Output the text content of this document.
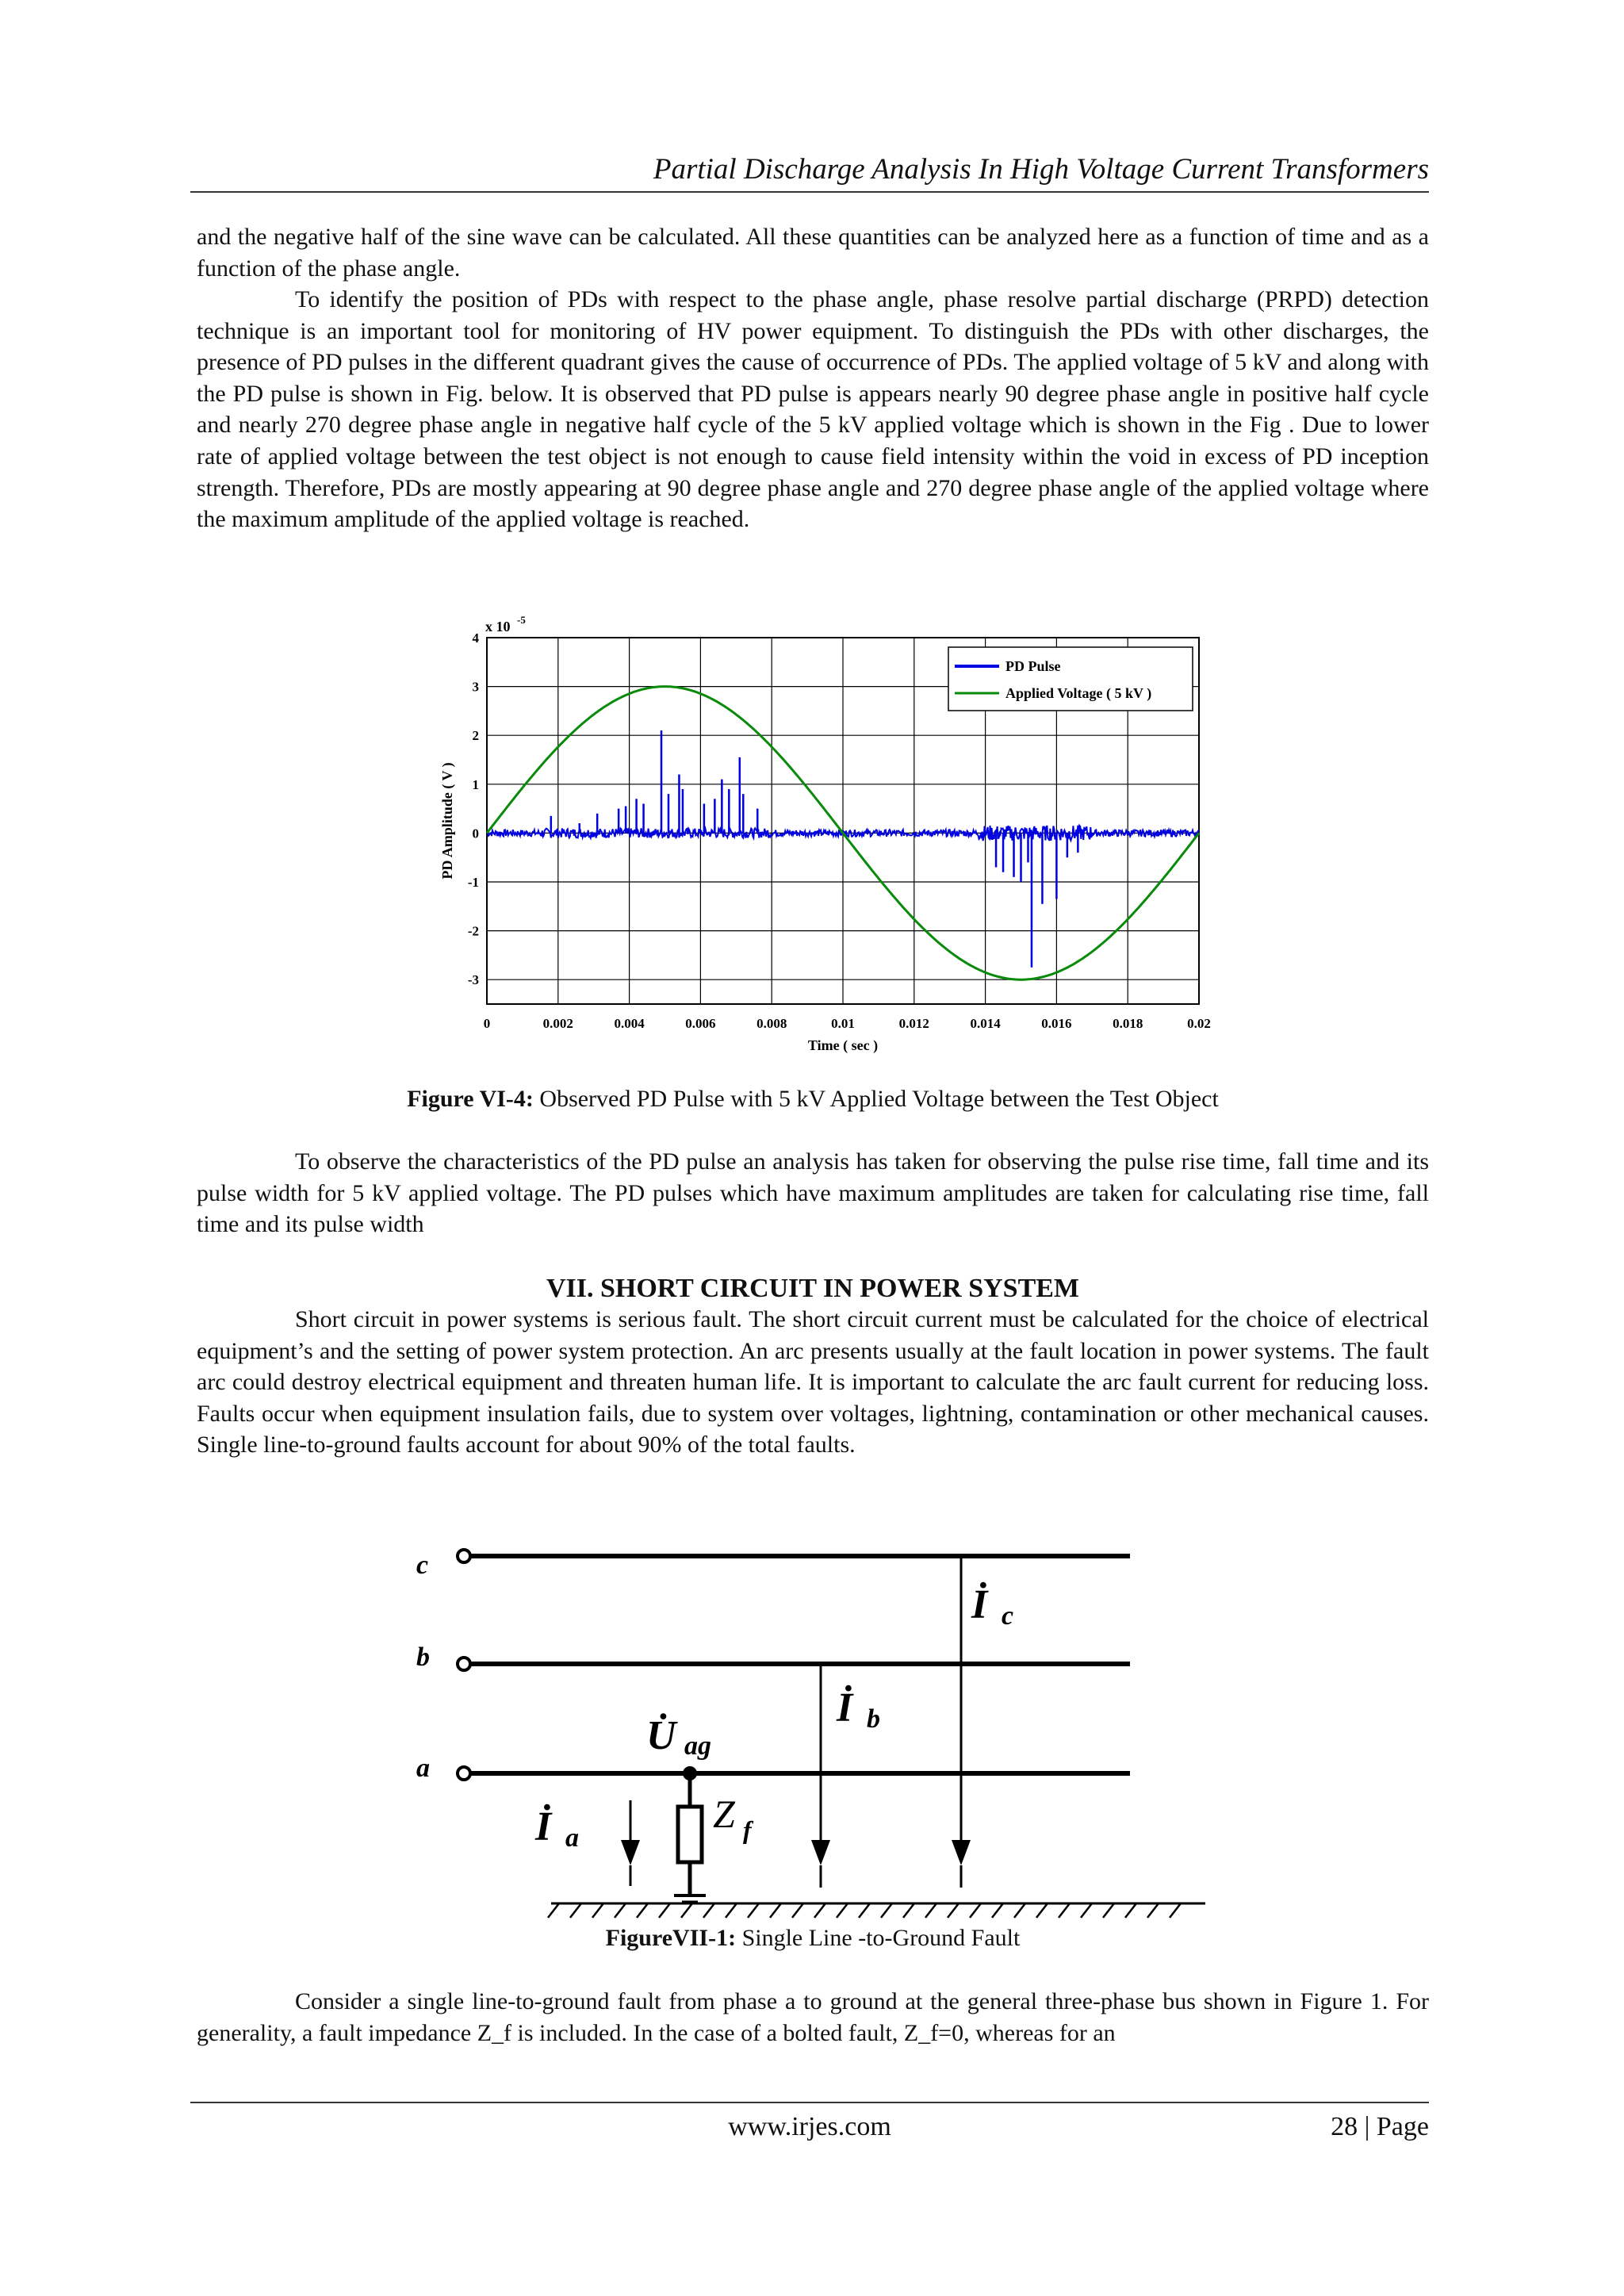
Partial Discharge Analysis In High Voltage Current Transformers

and the negative half of the sine wave can be calculated. All these quantities can be analyzed here as a function of time and as a function of the phase angle.

To identify the position of PDs with respect to the phase angle, phase resolve partial discharge (PRPD) detection technique is an important tool for monitoring of HV power equipment. To distinguish the PDs with other discharges, the presence of PD pulses in the different quadrant gives the cause of occurrence of PDs. The applied voltage of 5 kV and along with the PD pulse is shown in Fig. below. It is observed that PD pulse is appears nearly 90 degree phase angle in positive half cycle and nearly 270 degree phase angle in negative half cycle of the 5 kV applied voltage which is shown in the Fig . Due to lower rate of applied voltage between the test object is not enough to cause field intensity within the void in excess of PD inception strength. Therefore, PDs are mostly appearing at 90 degree phase angle and 270 degree phase angle of the applied voltage where the maximum amplitude of the applied voltage is reached.

0	0.002	0.004	0.006	0.008	0.01	0.012	0.014	0.016	0.018	0.02
4
3
2
1
0
-1
-2
-3
x 10 -5
Time ( sec )
PD Amplitude ( V )
PD Pulse
Applied Voltage ( 5 kV )
Figure VI-4: Observed PD Pulse with 5 kV Applied Voltage between the Test Object

To observe the characteristics of the PD pulse an analysis has taken for observing the pulse rise time, fall time and its pulse width for 5 kV applied voltage. The PD pulses which have maximum amplitudes are taken for calculating rise time, fall time and its pulse width

VII. SHORT CIRCUIT IN POWER SYSTEM

Short circuit in power systems is serious fault. The short circuit current must be calculated for the choice of electrical equipment’s and the setting of power system protection. An arc presents usually at the fault location in power systems. The fault arc could destroy electrical equipment and threaten human life. It is important to calculate the arc fault current for reducing loss. Faults occur when equipment insulation fails, due to system over voltages, lightning, contamination or other mechanical causes. Single line-to-ground faults account for about 90% of the total faults.

c
b
a
İ c
İ b
İ a
U̇ ag
Z f
FigureVII-1: Single Line -to-Ground Fault

Consider a single line-to-ground fault from phase a to ground at the general three-phase bus shown in Figure 1. For generality, a fault impedance Z_f is included. In the case of a bolted fault, Z_f=0, whereas for an

www.irjes.com	28 | Page
